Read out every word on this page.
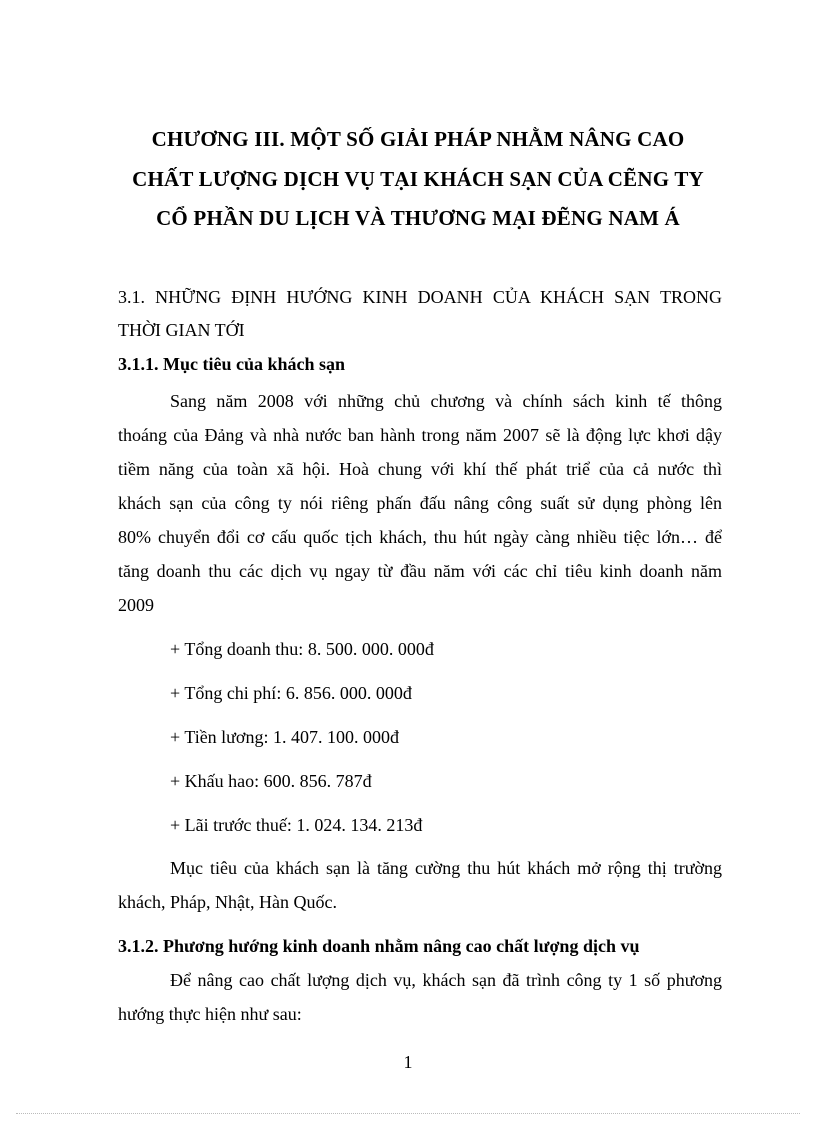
CHƯƠNG III. MỘT SỐ GIẢI PHÁP NHẰM NÂNG CAO
CHẤT LƯỢNG DỊCH VỤ TẠI KHÁCH SẠN CỦA CẼNG TY
CỔ PHẦN DU LỊCH VÀ THƯƠNG MẠI ĐẼNG NAM Á
3.1. NHỮNG ĐỊNH HƯỚNG KINH DOANH CỦA KHÁCH SẠN TRONG
THỜI GIAN TỚI
3.1.1. Mục tiêu của khách sạn
Sang năm 2008 với những chủ chương và chính sách kinh tế thông
thoáng của Đảng và nhà nước ban hành trong năm 2007 sẽ là động lực khơi dậy
tiềm năng của toàn xã hội. Hoà chung với khí thế phát triể của cả nước thì
khách sạn của công ty nói riêng phấn đấu nâng công suất sử dụng phòng lên
80% chuyển đổi cơ cấu quốc tịch khách, thu hút ngày càng nhiều tiệc lớn… để
tăng doanh thu các dịch vụ ngay từ đầu năm với các chỉ tiêu kinh doanh năm
2009
+ Tổng doanh thu: 8. 500. 000. 000đ
+ Tổng chi phí: 6. 856. 000. 000đ
+ Tiền lương: 1. 407. 100. 000đ
+ Khấu hao: 600. 856. 787đ
+ Lãi trước thuế: 1. 024. 134. 213đ
Mục tiêu của khách sạn là tăng cường thu hút khách mở rộng thị trường
khách, Pháp, Nhật, Hàn Quốc.
3.1.2. Phương hướng kinh doanh nhằm nâng cao chất lượng dịch vụ
Để nâng cao chất lượng dịch vụ, khách sạn đã trình công ty 1 số phương
hướng thực hiện như sau:
1
